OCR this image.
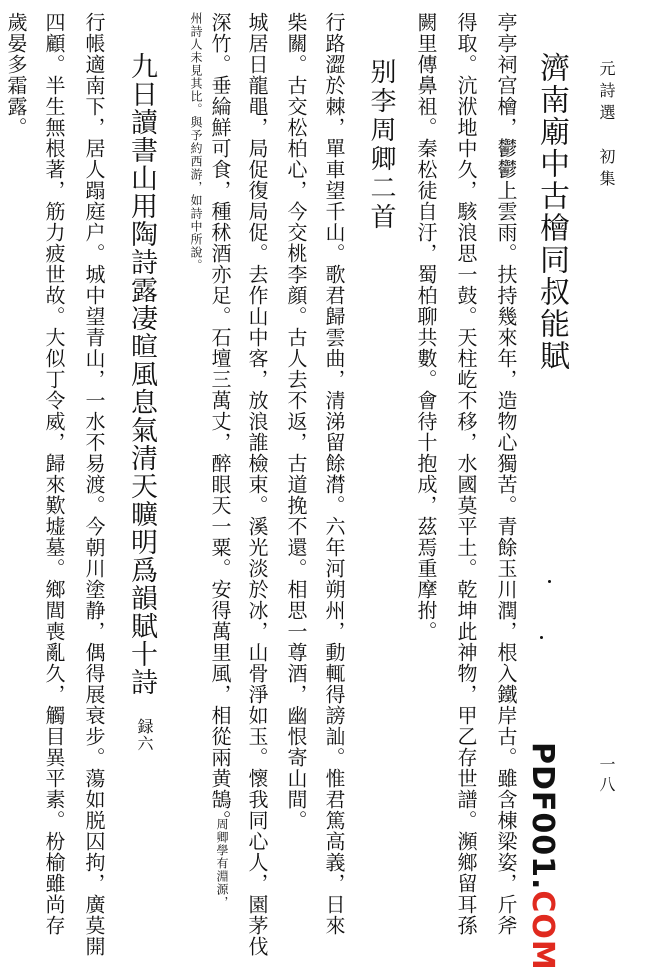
元詩選　初集
一八
濟南廟中古檜同叔能賦
亭亭祠宫檜，鬱鬱上雲雨。扶持幾來年，造物心獨苦。青餘玉川潤，根入鐵岸古。雖含棟梁姿，斤斧
得取。沆洑地中久，駭浪思一鼓。天柱屹不移，水國莫平土。乾坤此神物，甲乙存世譜。瀕鄉留耳孫
闕里傳鼻祖。秦松徒自汙，蜀柏聊共數。會待十抱成，茲焉重摩拊。
别李周卿二首
行路澀於棘，單車望千山。歌君歸雲曲，清涕留餘潸。六年河朔州，動輒得謗訕。惟君篤高義，日來
柴關。古交松柏心，今交桃李顔。古人去不返，古道挽不還。相思一尊酒，幽恨寄山間。
城居日龍黽，局促復局促。去作山中客，放浪誰檢束。溪光淡於冰，山骨淨如玉。懷我同心人，園茅伐
深竹。垂綸鮮可食，種秫酒亦足。石壇三萬丈，醉眼天一粟。安得萬里風，相從兩黄鵠。
周卿學有淵源，
州詩人未見其比。與予約西游，如詩中所說。
九日讀書山用陶詩露凄暄風息氣清天曠明爲韻賦十詩
録六
行帳適南下，居人蹋庭户。城中望青山，一水不易渡。今朝川塗静，偶得展衰步。蕩如脱囚拘，廣莫開
四顧。半生無根著，筋力疲世故。大似丁令威，歸來歎墟墓。鄉閭喪亂久，觸目異平素。枌榆雖尚存
歲晏多霜露。
PDF001.COM
